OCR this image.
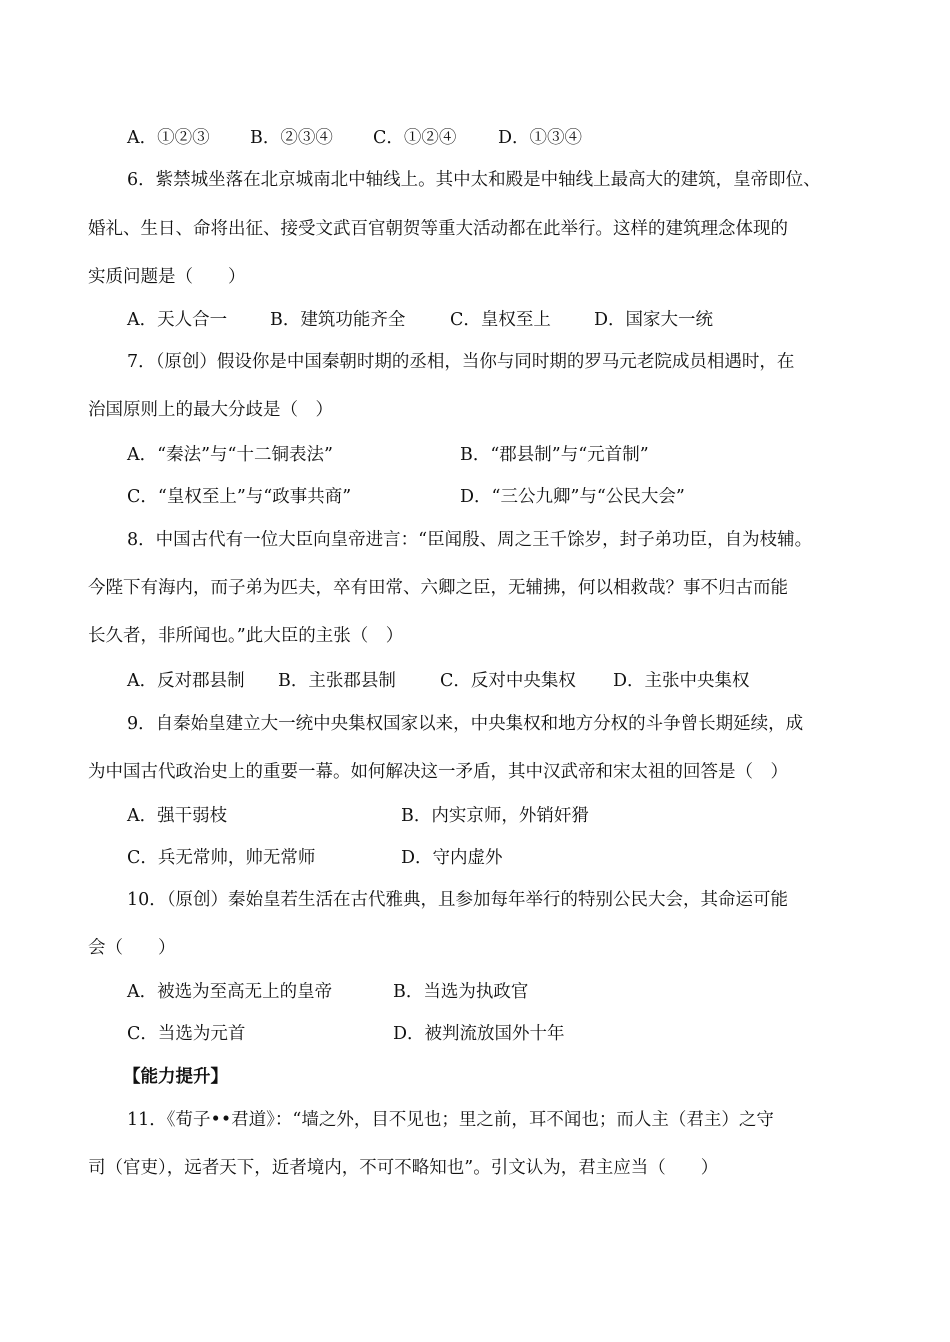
A．①②③ B．②③④ C．①②④ D．①③④
6．紫禁城坐落在北京城南北中轴线上。其中太和殿是中轴线上最高大的建筑，皇帝即位、
婚礼、生日、命将出征、接受文武百官朝贺等重大活动都在此举行。这样的建筑理念体现的
实质问题是（　　）
A．天人合一 B．建筑功能齐全	C．皇权至上 D．国家大一统
7．（原创）假设你是中国秦朝时期的丞相，当你与同时期的罗马元老院成员相遇时，在
治国原则上的最大分歧是（　）
A．“秦法”与“十二铜表法”	B．“郡县制”与“元首制”
C．“皇权至上”与“政事共商”	D．“三公九卿”与“公民大会”
8．中国古代有一位大臣向皇帝进言：“臣闻殷、周之王千馀岁，封子弟功臣，自为枝辅。
今陛下有海内，而子弟为匹夫，卒有田常、六卿之臣，无辅拂，何以相救哉？事不归古而能
长久者，非所闻也。”此大臣的主张（　）
A．反对郡县制 B．主张郡县制	C．反对中央集权 D．主张中央集权
9．自秦始皇建立大一统中央集权国家以来，中央集权和地方分权的斗争曾长期延续，成
为中国古代政治史上的重要一幕。如何解决这一矛盾，其中汉武帝和宋太祖的回答是（　）
A．强干弱枝	B．内实京师，外销奸猾
C．兵无常帅，帅无常师	D．守内虚外
10．（原创）秦始皇若生活在古代雅典，且参加每年举行的特别公民大会，其命运可能
会（　　）
A．被选为至高无上的皇帝	B．当选为执政官
C．当选为元首	D．被判流放国外十年
【能力提升】
11．《荀子••君道》：“墙之外，目不见也；里之前，耳不闻也；而人主（君主）之守
司（官吏），远者天下，近者境内，不可不略知也”。引文认为，君主应当（　　）
